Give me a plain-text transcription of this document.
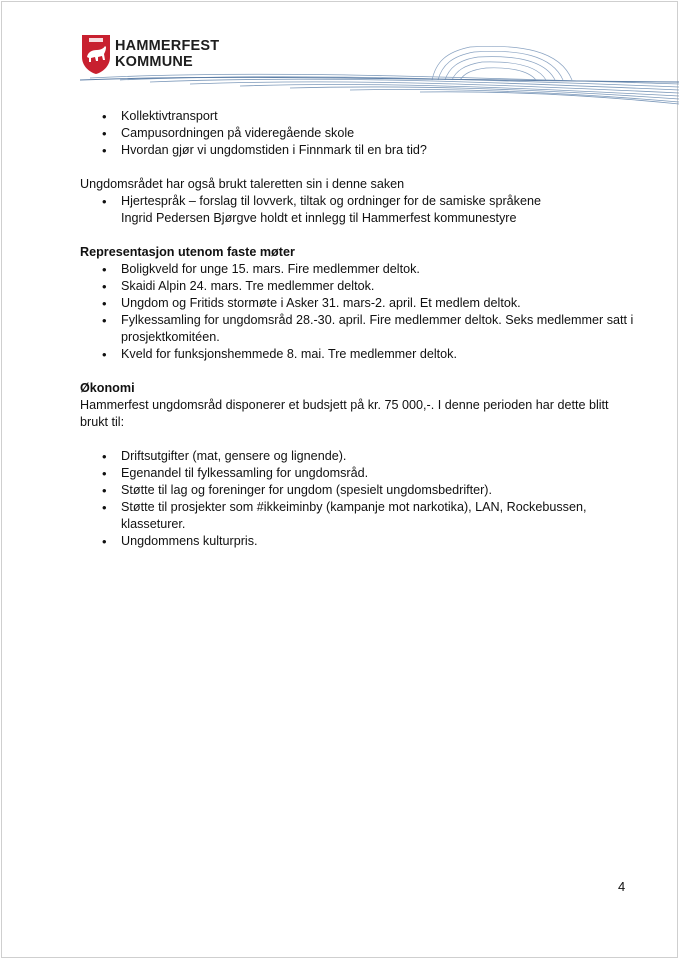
HAMMERFEST
KOMMUNE
• Kollektivtransport
• Campusordningen på videregående skole
• Hvordan gjør vi ungdomstiden i Finnmark til en bra tid?

Ungdomsrådet har også brukt taleretten sin i denne saken

• Hjertespråk – forslag til lovverk, tiltak og ordninger for de samiske språkene

Ingrid Pedersen Bjørgve holdt et innlegg til Hammerfest kommunestyre

Representasjon utenom faste møter

• Boligkveld for unge 15. mars. Fire medlemmer deltok.
• Skaidi Alpin 24. mars. Tre medlemmer deltok.
• Ungdom og Fritids stormøte i Asker 31. mars-2. april. Et medlem deltok.
• Fylkessamling for ungdomsråd 28.-30. april. Fire medlemmer deltok. Seks medlemmer satt i prosjektkomitéen.
• Kveld for funksjonshemmede 8. mai. Tre medlemmer deltok.

Økonomi

Hammerfest ungdomsråd disponerer et budsjett på kr. 75 000,-. I denne perioden har dette blitt brukt til:

• Driftsutgifter (mat, gensere og lignende).
• Egenandel til fylkessamling for ungdomsråd.
• Støtte til lag og foreninger for ungdom (spesielt ungdomsbedrifter).
• Støtte til prosjekter som #ikkeiminby (kampanje mot narkotika), LAN, Rockebussen, klasseturer.
• Ungdommens kulturpris.
4
